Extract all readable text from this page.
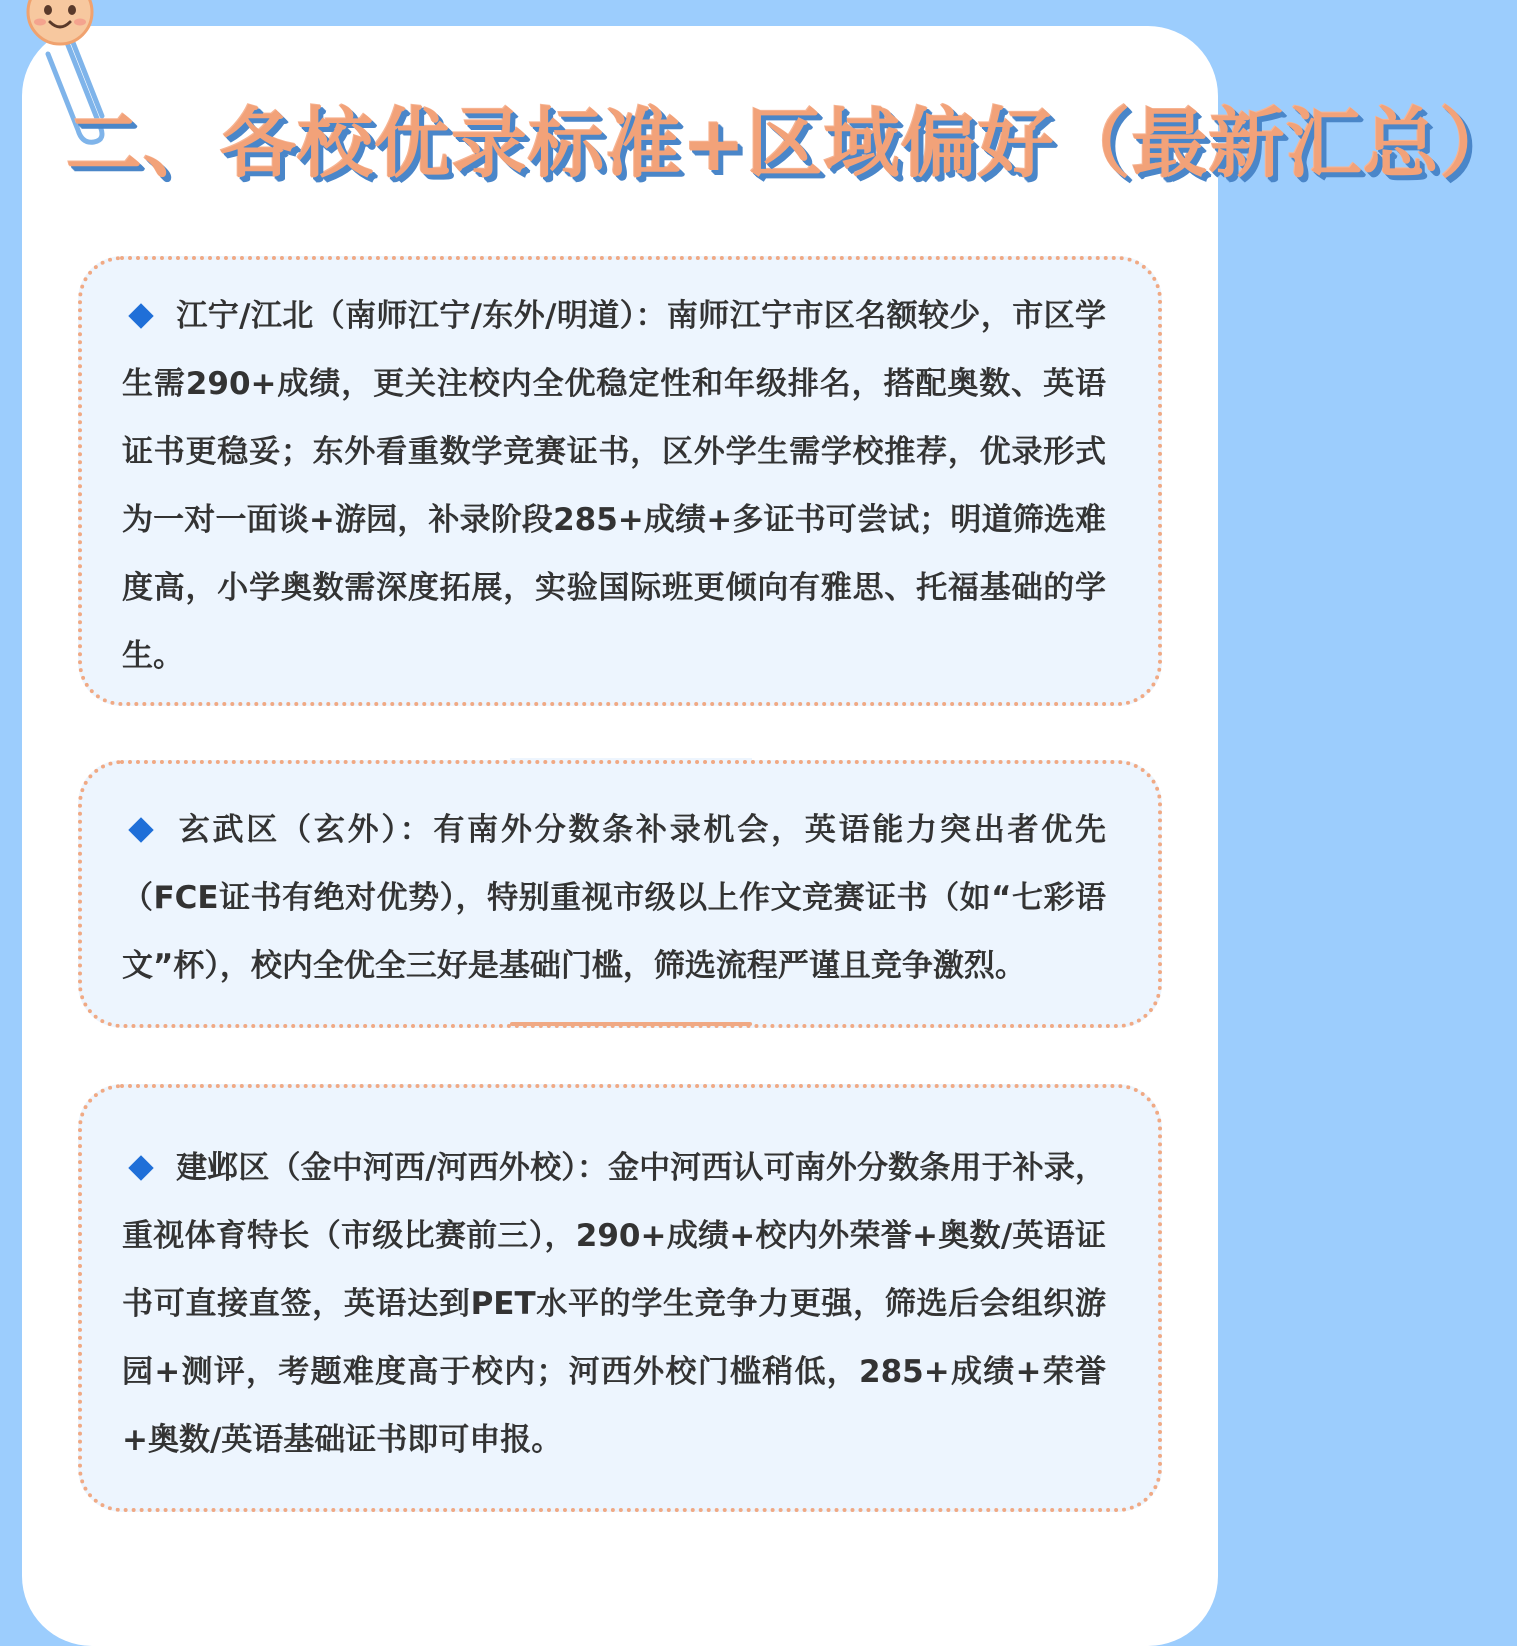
二、各校优录标准+区域偏好（最新汇总）

江宁/江北（南师江宁/东外/明道）：南师江宁市区名额较少，市区学生需290+成绩，更关注校内全优稳定性和年级排名，搭配奥数、英语证书更稳妥；东外看重数学竞赛证书，区外学生需学校推荐，优录形式为一对一面谈+游园，补录阶段285+成绩+多证书可尝试；明道筛选难度高，小学奥数需深度拓展，实验国际班更倾向有雅思、托福基础的学生。

玄武区（玄外）：有南外分数条补录机会，英语能力突出者优先（FCE证书有绝对优势），特别重视市级以上作文竞赛证书（如“七彩语文”杯），校内全优全三好是基础门槛，筛选流程严谨且竞争激烈。

建邺区（金中河西/河西外校）：金中河西认可南外分数条用于补录，重视体育特长（市级比赛前三），290+成绩+校内外荣誉+奥数/英语证书可直接直签，英语达到PET水平的学生竞争力更强，筛选后会组织游园+测评，考题难度高于校内；河西外校门槛稍低，285+成绩+荣誉+奥数/英语基础证书即可申报。
